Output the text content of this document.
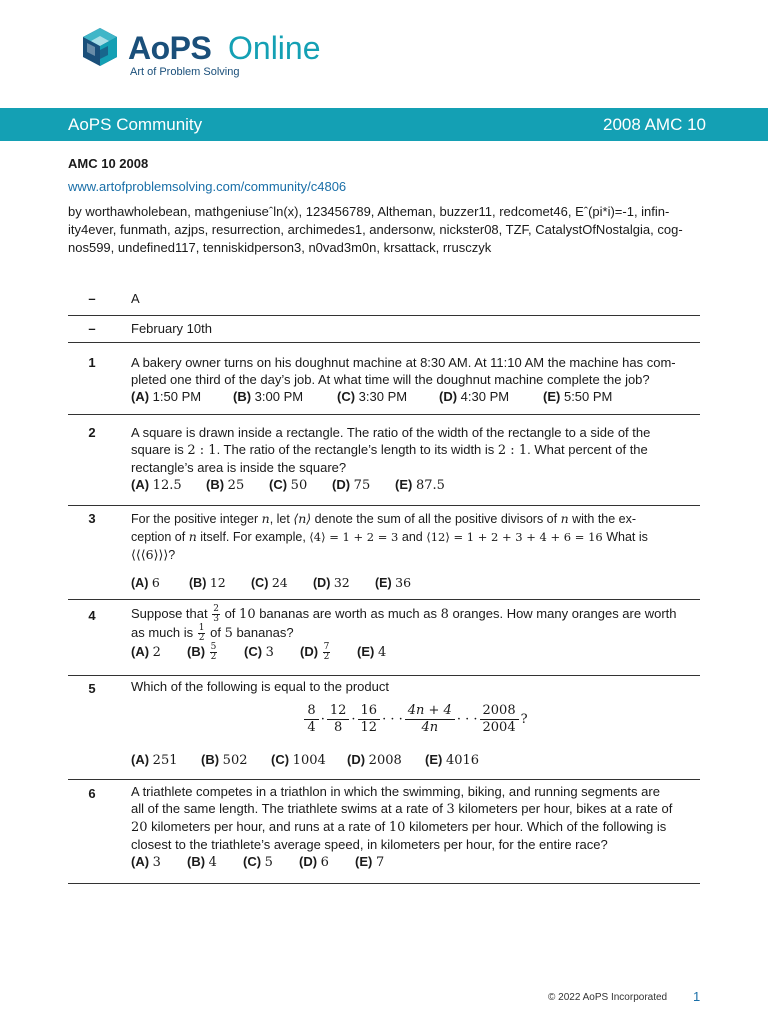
AoPS Online
Art of Problem Solving
AoPS Community	2008 AMC 10
AMC 10 2008
www.artofproblemsolving.com/community/c4806
by worthawholebean, mathgeniuseˆln(x), 123456789, Altheman, buzzer11, redcomet46, Eˆ(pi*i)=-1, infin-
ity4ever, funmath, azjps, resurrection, archimedes1, andersonw, nickster08, TZF, CatalystOfNostalgia, cog-
nos599, undefined117, tenniskidperson3, n0vad3m0n, krsattack, rrusczyk
–	A
–	February 10th
1	A bakery owner turns on his doughnut machine at 8:30 AM. At 11:10 AM the machine has com-
pleted one third of the day’s job. At what time will the doughnut machine complete the job?
(A) 1:50 PM (B) 3:00 PM	(C) 3:30 PM (D) 4:30 PM	(E) 5:50 PM
2	A square is drawn inside a rectangle. The ratio of the width of the rectangle to a side of the
square is 2 : 1. The ratio of the rectangle’s length to its width is 2 : 1. What percent of the
rectangle’s area is inside the square?
(A) 12.5 (B) 25 (C) 50 (D) 75 (E) 87.5
3	For the positive integer n, let ⟨n⟩ denote the sum of all the positive divisors of n with the ex-
ception of n itself. For example, ⟨4⟩ = 1 + 2 = 3 and ⟨12⟩ = 1 + 2 + 3 + 4 + 6 = 16 What is
⟨⟨⟨6⟩⟩⟩?
(A) 6 (B) 12 (C) 24 (D) 32 (E) 36
4	Suppose that $\frac{2}{3}$ of 10 bananas are worth as much as 8 oranges. How many oranges are worth
as much is $\frac{1}{2}$ of 5 bananas?
(A) 2 $(B) \frac{5}{2} (C)$ 3 $(D) \frac{7}{2} (E)$ 4
5	Which of the following is equal to the product
$\frac{8}{4} \cdot \frac{12}{8} \cdot \frac{16}{12}$ · · · $\frac{4n + 4}{4n}$ · · · $\frac{2008}{2004}$ ?
(A) 251 (B) 502 (C) 1004 (D) 2008 (E) 4016
6	A triathlete competes in a triathlon in which the swimming, biking, and running segments are
all of the same length. The triathlete swims at a rate of 3 kilometers per hour, bikes at a rate of
20 kilometers per hour, and runs at a rate of 10 kilometers per hour. Which of the following is
closest to the triathlete’s average speed, in kilometers per hour, for the entire race?
(A) 3 (B) 4 (C) 5 (D) 6 (E) 7
© 2022 AoPS Incorporated 1
